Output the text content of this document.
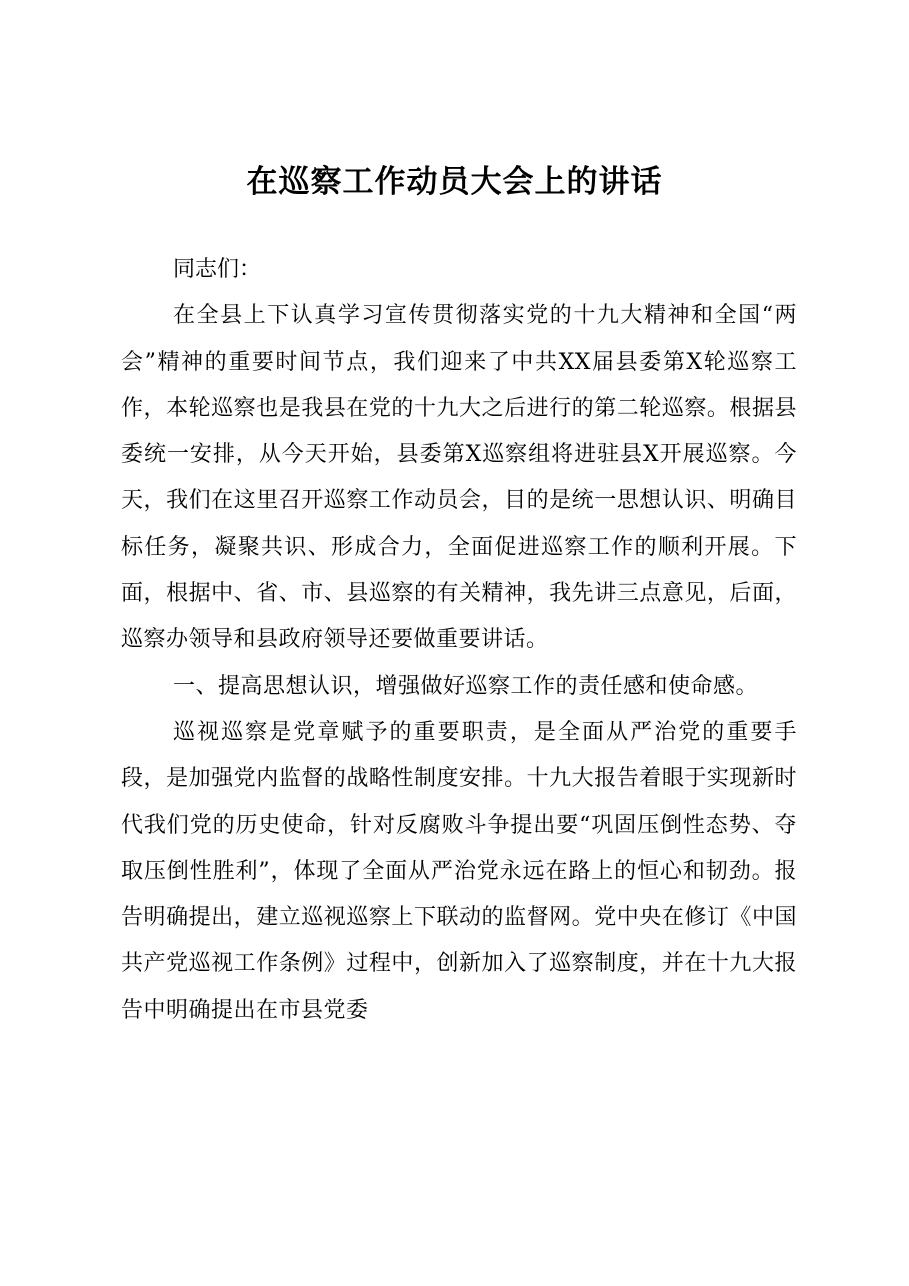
在巡察工作动员大会上的讲话

同志们：

在全县上下认真学习宣传贯彻落实党的十九大精神和全国“两会”精神的重要时间节点，我们迎来了中共XX届县委第X轮巡察工作，本轮巡察也是我县在党的十九大之后进行的第二轮巡察。根据县委统一安排，从今天开始，县委第X巡察组将进驻县X开展巡察。今天，我们在这里召开巡察工作动员会，目的是统一思想认识、明确目标任务，凝聚共识、形成合力，全面促进巡察工作的顺利开展。下面，根据中、省、市、县巡察的有关精神，我先讲三点意见，后面，巡察办领导和县政府领导还要做重要讲话。

一、提高思想认识，增强做好巡察工作的责任感和使命感。

巡视巡察是党章赋予的重要职责，是全面从严治党的重要手段，是加强党内监督的战略性制度安排。十九大报告着眼于实现新时代我们党的历史使命，针对反腐败斗争提出要“巩固压倒性态势、夺取压倒性胜利”，体现了全面从严治党永远在路上的恒心和韧劲。报告明确提出，建立巡视巡察上下联动的监督网。党中央在修订《中国共产党巡视工作条例》过程中，创新加入了巡察制度，并在十九大报告中明确提出在市县党委
